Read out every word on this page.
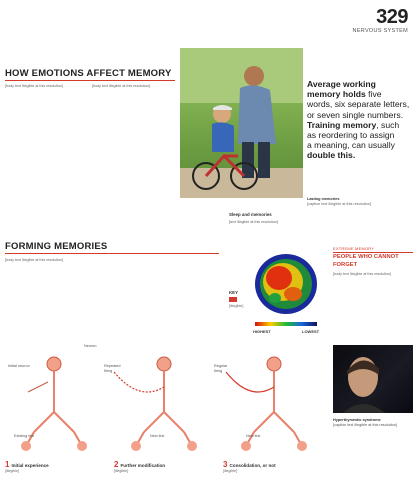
329
NERVOUS SYSTEM
HOW EMOTIONS AFFECT MEMORY
[body text illegible at this resolution]	[body text illegible at this resolution]	Average working
memory holds five
words, six separate letters,
or seven single numbers.
Training memory, such
as reordering to assign
a meaning, can usually
double this.
Lasting memories
[caption text illegible at this resolution]
FORMING MEMORIES
[body text illegible at this resolution]
Sleep and memories
[text illegible at this resolution]
KEY
[illegible]
HIGHEST	LOWEST
EXTREME MEMORY
PEOPLE WHO CANNOT
FORGET
[body text illegible at this resolution]
Hyperthymestic syndrome
[caption text illegible at this resolution]
Neuron
Initial neuron	Repeated firing
Regular firing
Existing link	New link	New link
1 Initial experience
[illegible]
2 Further modification
[illegible]
3 Consolidation, or not
[illegible]
